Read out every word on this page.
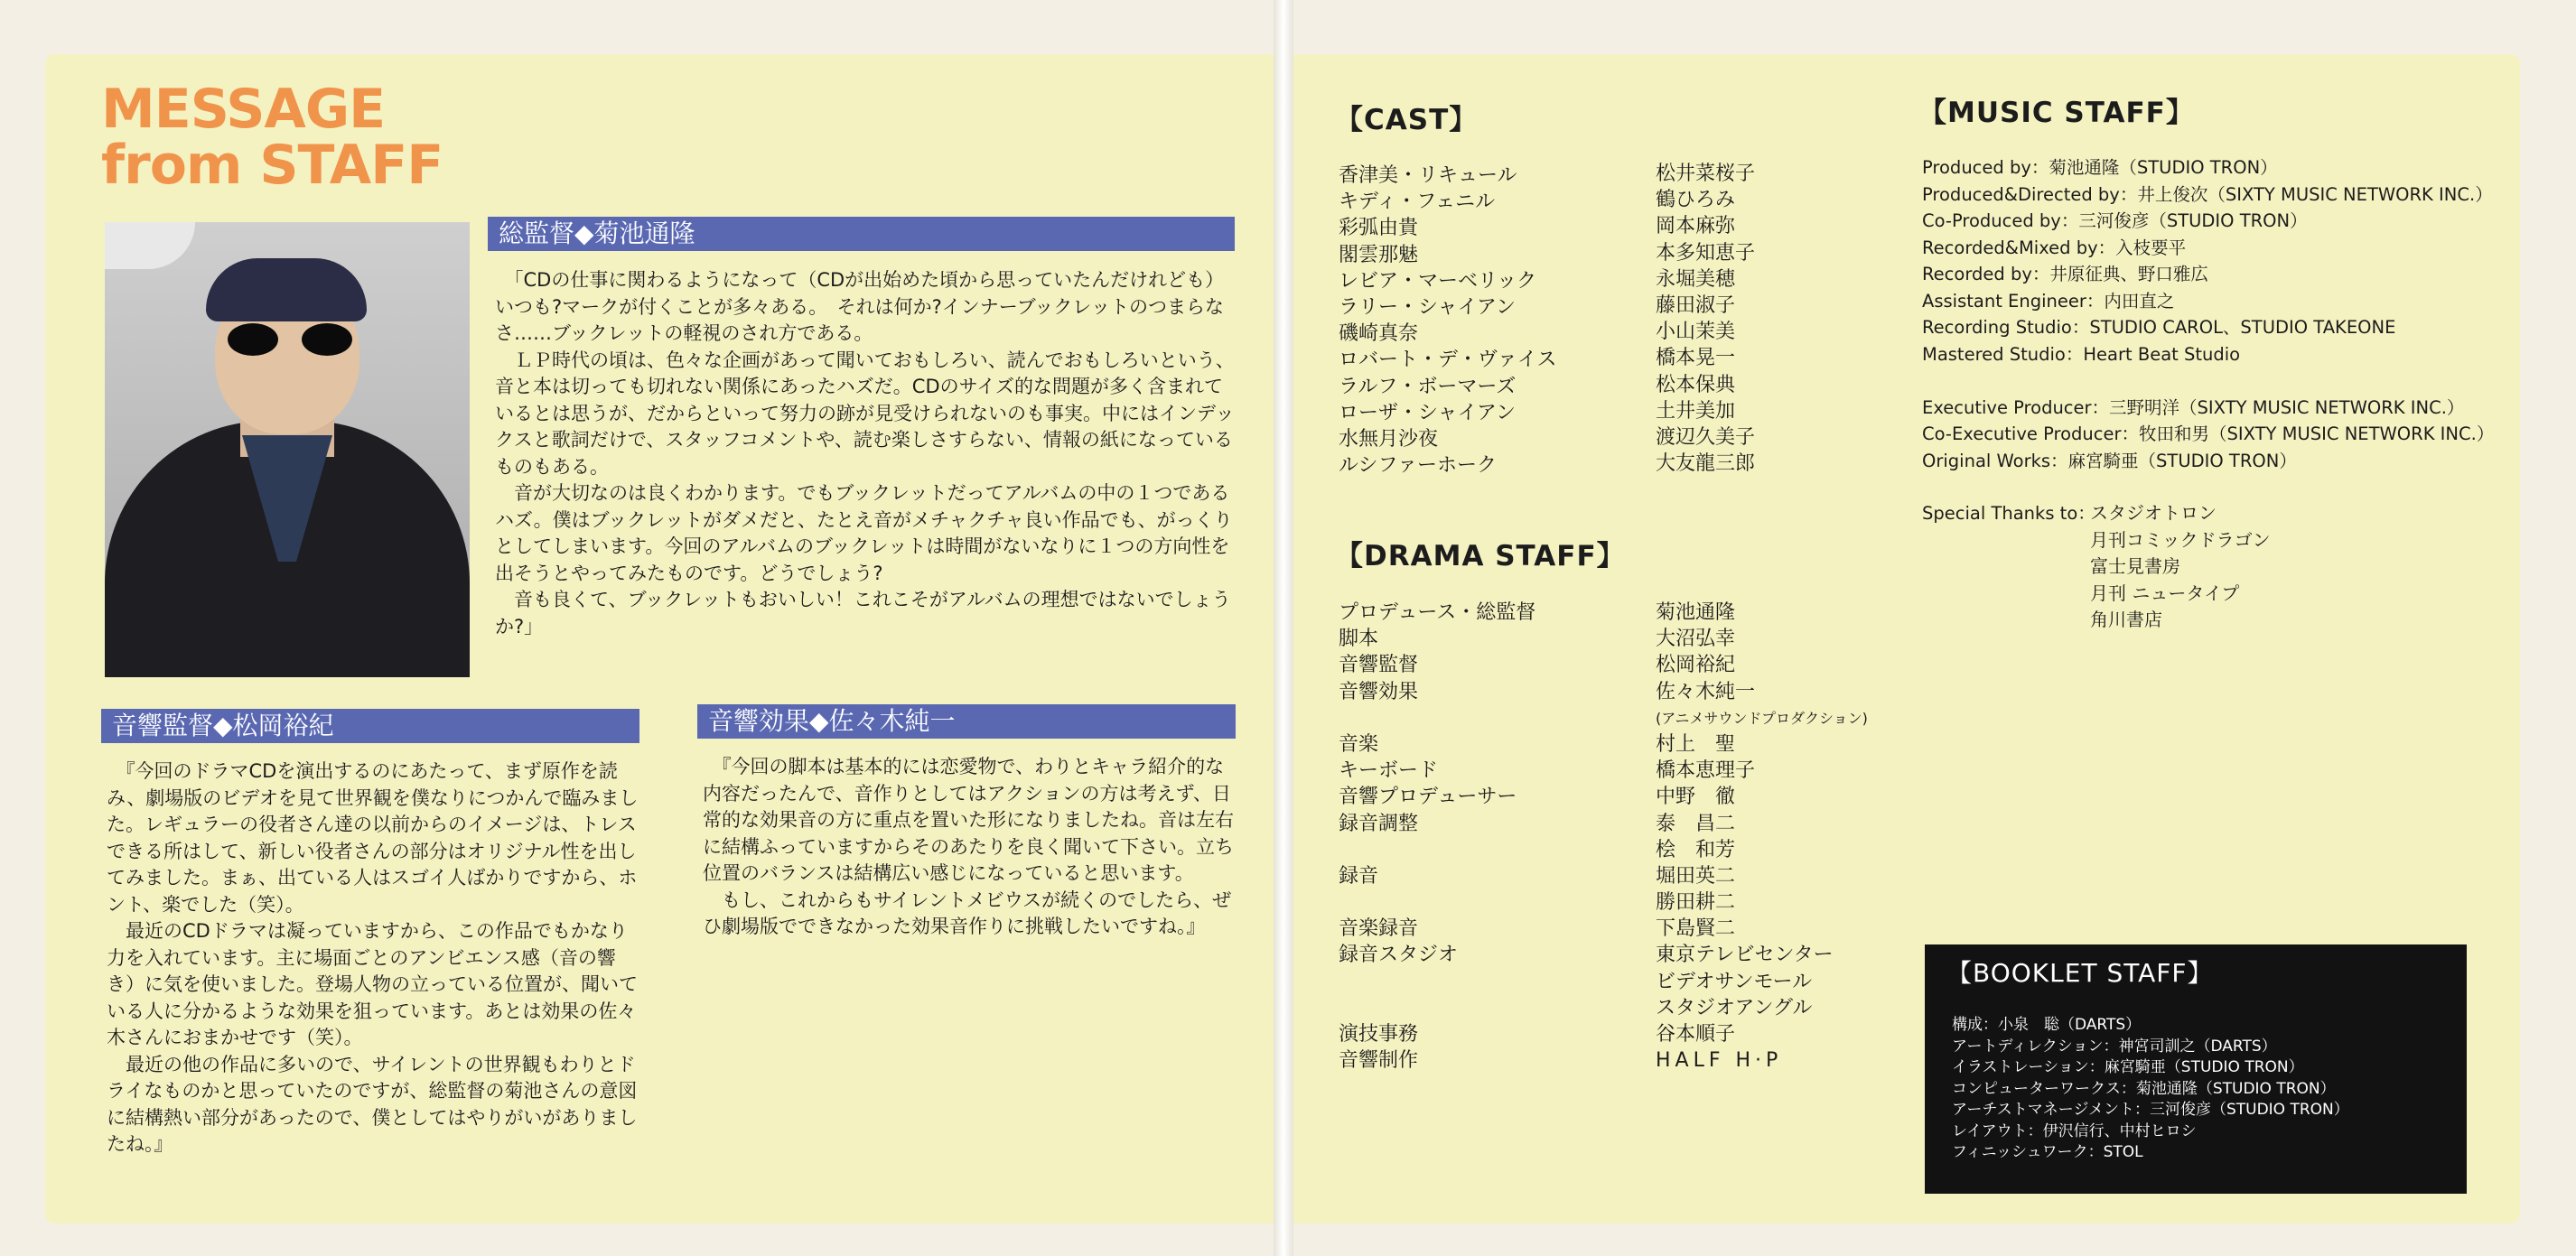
MESSAGE
from STAFF
総監督◆菊池通隆

「CDの仕事に関わるようになって（CDが出始めた頃から思っていたんだけれども）いつも?マークが付くことが多々ある。　それは何か?インナーブックレットのつまらなさ……ブックレットの軽視のされ方である。

ＬＰ時代の頃は、色々な企画があって聞いておもしろい、読んでおもしろいという、音と本は切っても切れない関係にあったハズだ。CDのサイズ的な問題が多く含まれているとは思うが、だからといって努力の跡が見受けられないのも事実。中にはインデックスと歌詞だけで、スタッフコメントや、読む楽しさすらない、情報の紙になっているものもある。

音が大切なのは良くわかります。でもブックレットだってアルバムの中の１つであるハズ。僕はブックレットがダメだと、たとえ音がメチャクチャ良い作品でも、がっくりとしてしまいます。今回のアルバムのブックレットは時間がないなりに１つの方向性を出そうとやってみたものです。どうでしょう?

音も良くて、ブックレットもおいしい！これこそがアルバムの理想ではないでしょうか?」

音響監督◆松岡裕紀

『今回のドラマCDを演出するのにあたって、まず原作を読み、劇場版のビデオを見て世界観を僕なりにつかんで臨みました。レギュラーの役者さん達の以前からのイメージは、トレスできる所はして、新しい役者さんの部分はオリジナル性を出してみました。まぁ、出ている人はスゴイ人ばかりですから、ホント、楽でした（笑）。

最近のCDドラマは凝っていますから、この作品でもかなり力を入れています。主に場面ごとのアンビエンス感（音の響き）に気を使いました。登場人物の立っている位置が、聞いている人に分かるような効果を狙っています。あとは効果の佐々木さんにおまかせです（笑）。

最近の他の作品に多いので、サイレントの世界観もわりとドライなものかと思っていたのですが、総監督の菊池さんの意図に結構熱い部分があったので、僕としてはやりがいがありましたね。』

音響効果◆佐々木純一

『今回の脚本は基本的には恋愛物で、わりとキャラ紹介的な内容だったんで、音作りとしてはアクションの方は考えず、日常的な効果音の方に重点を置いた形になりましたね。音は左右に結構ふっていますからそのあたりを良く聞いて下さい。立ち位置のバランスは結構広い感じになっていると思います。

もし、これからもサイレントメビウスが続くのでしたら、ぜひ劇場版でできなかった効果音作りに挑戦したいですね。』

【CAST】
香津美・リキュール
キディ・フェニル
彩弧由貴
閣雲那魅
レビア・マーベリック
ラリー・シャイアン
磯崎真奈
ロバート・デ・ヴァイス
ラルフ・ボーマーズ
ローザ・シャイアン
水無月沙夜
ルシファーホーク
松井菜桜子
鶴ひろみ
岡本麻弥
本多知恵子
永堀美穂
藤田淑子
小山茉美
橋本晃一
松本保典
土井美加
渡辺久美子
大友龍三郎
【DRAMA STAFF】
プロデュース・総監督
脚本
音響監督
音響効果
音楽
キーボード
音響プロデューサー
録音調整
録音
音楽録音
録音スタジオ
演技事務
音響制作
菊池通隆
大沼弘幸
松岡裕紀
佐々木純一
(アニメサウンドプロダクション)
村上　聖
橋本恵理子
中野　徹
泰　昌二
桧　和芳
堀田英二
勝田耕二
下島賢二
東京テレビセンター
ビデオサンモール
スタジオアングル
谷本順子
HALF H·P
【MUSIC STAFF】
Produced by：菊池通隆（STUDIO TRON）
Produced&Directed by：井上俊次（SIXTY MUSIC NETWORK INC.）
Co-Produced by：三河俊彦（STUDIO TRON）
Recorded&Mixed by：入枝要平
Recorded by：井原征典、野口雅広
Assistant Engineer：内田直之
Recording Studio：STUDIO CAROL、STUDIO TAKEONE
Mastered Studio：Heart Beat Studio
Executive Producer：三野明洋（SIXTY MUSIC NETWORK INC.）
Co-Executive Producer：牧田和男（SIXTY MUSIC NETWORK INC.）
Original Works：麻宮騎亜（STUDIO TRON）
Special Thanks to：
スタジオトロン
月刊コミックドラゴン
富士見書房
月刊 ニュータイプ
角川書店
【BOOKLET STAFF】
構成：小泉　聡（DARTS）
アートディレクション：神宮司訓之（DARTS）
イラストレーション：麻宮騎亜（STUDIO TRON）
コンピューターワークス：菊池通隆（STUDIO TRON）
アーチストマネージメント：三河俊彦（STUDIO TRON）
レイアウト：伊沢信行、中村ヒロシ
フィニッシュワーク：STOL
